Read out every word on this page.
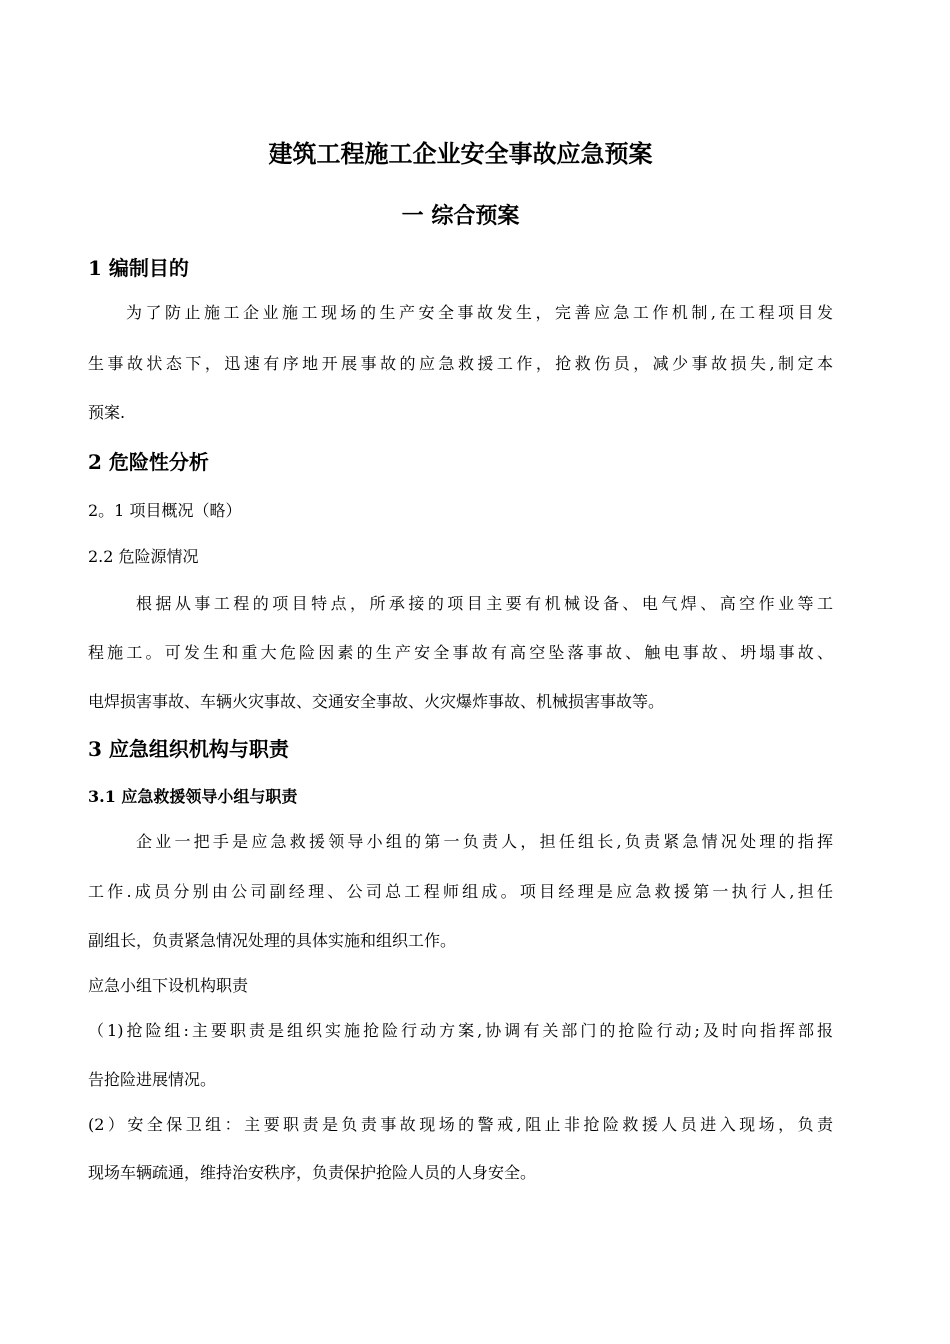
建筑工程施工企业安全事故应急预案
一 综合预案
1 编制目的
为了防止施工企业施工现场的生产安全事故发生，完善应急工作机制,在工程项目发
生事故状态下，迅速有序地开展事故的应急救援工作，抢救伤员，减少事故损失,制定本
预案.
2 危险性分析
2。1 项目概况（略）
2.2 危险源情况
根据从事工程的项目特点，所承接的项目主要有机械设备、电气焊、高空作业等工
程施工。可发生和重大危险因素的生产安全事故有高空坠落事故、触电事故、坍塌事故、
电焊损害事故、车辆火灾事故、交通安全事故、火灾爆炸事故、机械损害事故等。
3 应急组织机构与职责
3.1 应急救援领导小组与职责
企业一把手是应急救援领导小组的第一负责人，担任组长,负责紧急情况处理的指挥
工作.成员分别由公司副经理、公司总工程师组成。项目经理是应急救援第一执行人,担任
副组长，负责紧急情况处理的具体实施和组织工作。
应急小组下设机构职责
（1)抢险组:主要职责是组织实施抢险行动方案,协调有关部门的抢险行动;及时向指挥部报
告抢险进展情况。
(2）安全保卫组：主要职责是负责事故现场的警戒,阻止非抢险救援人员进入现场，负责
现场车辆疏通，维持治安秩序，负责保护抢险人员的人身安全。
